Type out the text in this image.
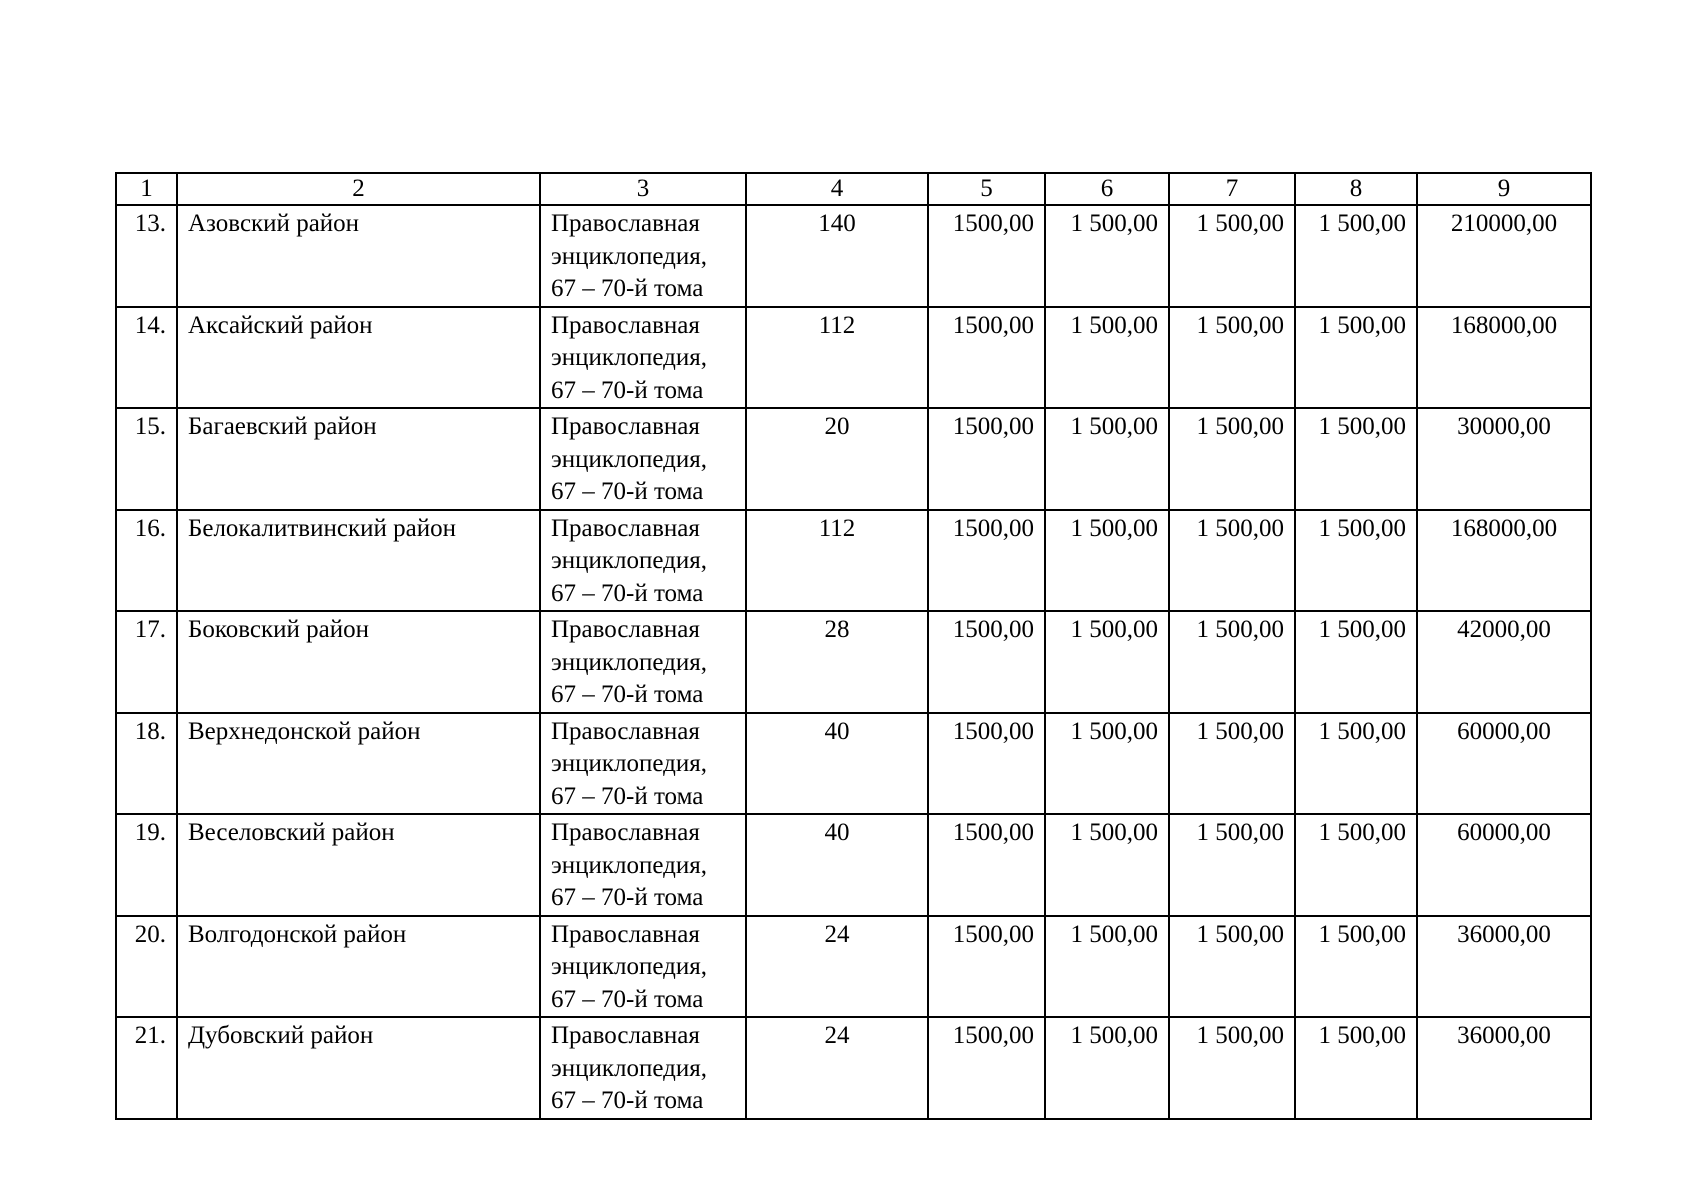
1	2	3	4	5	6	7	8	9
13.	Азовский район	Православная
энциклопедия,
67 – 70-й тома	140	1500,00	1 500,00	1 500,00	1 500,00	210000,00
14.	Аксайский район	Православная
энциклопедия,
67 – 70-й тома	112	1500,00	1 500,00	1 500,00	1 500,00	168000,00
15.	Багаевский район	Православная
энциклопедия,
67 – 70-й тома	20	1500,00	1 500,00	1 500,00	1 500,00	30000,00
16.	Белокалитвинский район	Православная
энциклопедия,
67 – 70-й тома	112	1500,00	1 500,00	1 500,00	1 500,00	168000,00
17.	Боковский район	Православная
энциклопедия,
67 – 70-й тома	28	1500,00	1 500,00	1 500,00	1 500,00	42000,00
18.	Верхнедонской район	Православная
энциклопедия,
67 – 70-й тома	40	1500,00	1 500,00	1 500,00	1 500,00	60000,00
19.	Веселовский район	Православная
энциклопедия,
67 – 70-й тома	40	1500,00	1 500,00	1 500,00	1 500,00	60000,00
20.	Волгодонской район	Православная
энциклопедия,
67 – 70-й тома	24	1500,00	1 500,00	1 500,00	1 500,00	36000,00
21.	Дубовский район	Православная
энциклопедия,
67 – 70-й тома	24	1500,00	1 500,00	1 500,00	1 500,00	36000,00
